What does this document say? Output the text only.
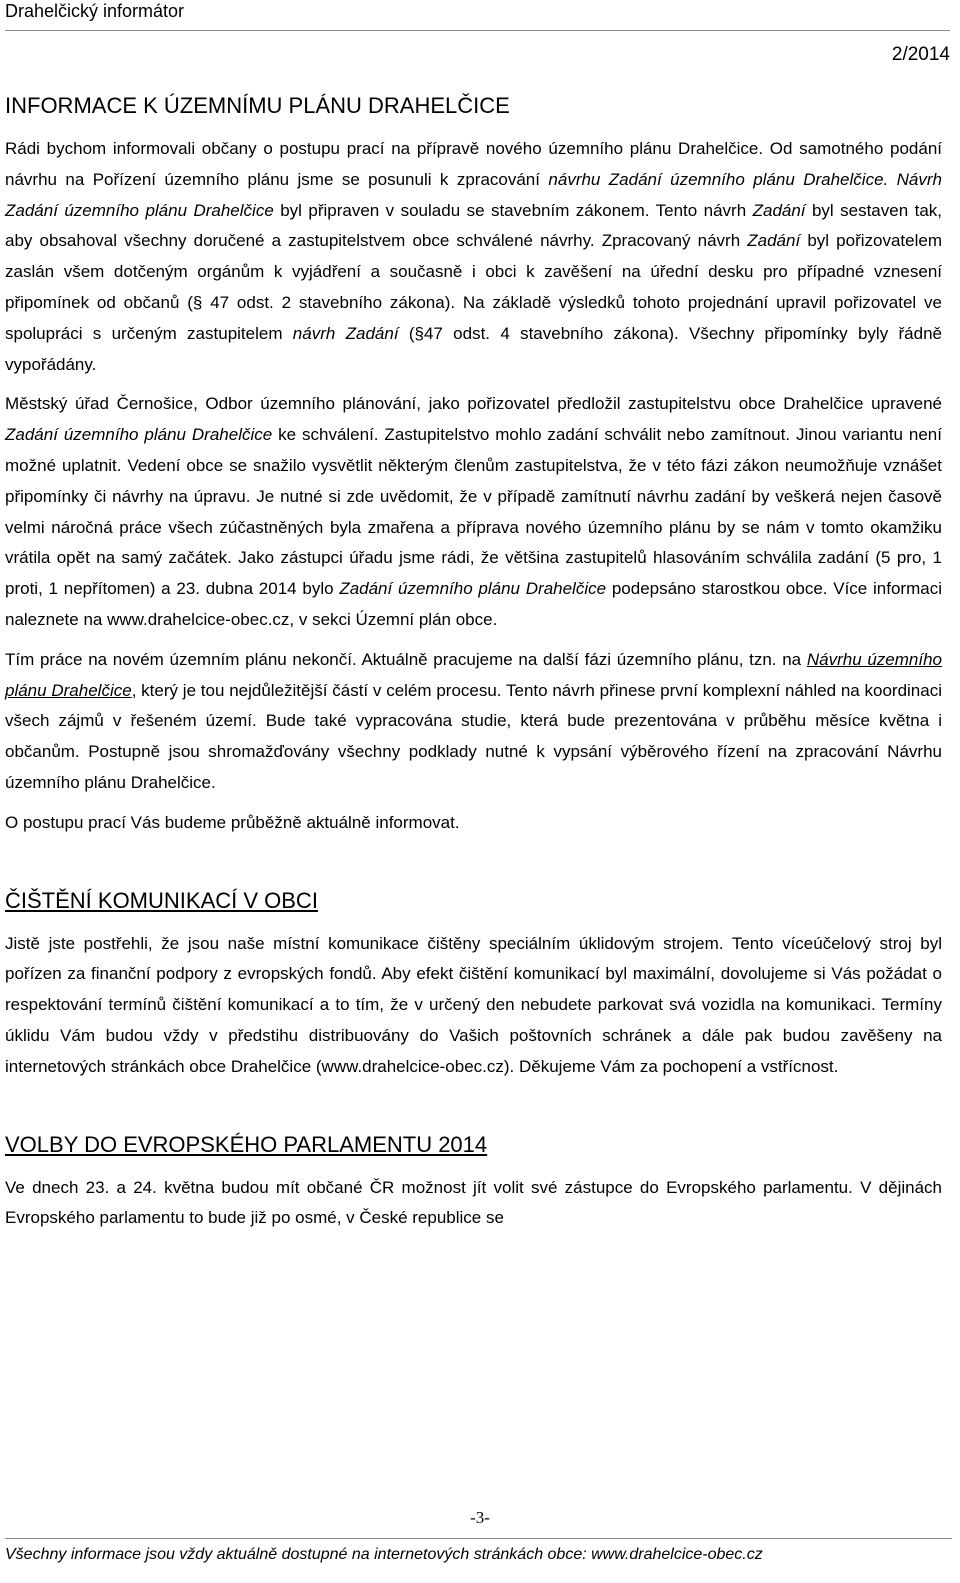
Drahelčický informátor
2/2014
INFORMACE K ÚZEMNÍMU PLÁNU DRAHELČICE

Rádi bychom informovali občany o postupu prací na přípravě nového územního plánu Drahelčice. Od samotného podání návrhu na Pořízení územního plánu jsme se posunuli k zpracování návrhu Zadání územního plánu Drahelčice. Návrh Zadání územního plánu Drahelčice byl připraven v souladu se stavebním zákonem. Tento návrh Zadání byl sestaven tak, aby obsahoval všechny doručené a zastupitelstvem obce schválené návrhy. Zpracovaný návrh Zadání byl pořizovatelem zaslán všem dotčeným orgánům k vyjádření a současně i obci k zavěšení na úřední desku pro případné vznesení připomínek od občanů (§ 47 odst. 2 stavebního zákona). Na základě výsledků tohoto projednání upravil pořizovatel ve spolupráci s určeným zastupitelem návrh Zadání (§47 odst. 4 stavebního zákona). Všechny připomínky byly řádně vypořádány.

Městský úřad Černošice, Odbor územního plánování, jako pořizovatel předložil zastupitelstvu obce Drahelčice upravené Zadání územního plánu Drahelčice ke schválení. Zastupitelstvo mohlo zadání schválit nebo zamítnout. Jinou variantu není možné uplatnit. Vedení obce se snažilo vysvětlit některým členům zastupitelstva, že v této fázi zákon neumožňuje vznášet připomínky či návrhy na úpravu. Je nutné si zde uvědomit, že v případě zamítnutí návrhu zadání by veškerá nejen časově velmi náročná práce všech zúčastněných byla zmařena a příprava nového územního plánu by se nám v tomto okamžiku vrátila opět na samý začátek. Jako zástupci úřadu jsme rádi, že většina zastupitelů hlasováním schválila zadání (5 pro, 1 proti, 1 nepřítomen) a 23. dubna 2014 bylo Zadání územního plánu Drahelčice podepsáno starostkou obce. Více informaci naleznete na www.drahelcice-obec.cz, v sekci Územní plán obce.

Tím práce na novém územním plánu nekončí. Aktuálně pracujeme na další fázi územního plánu, tzn. na Návrhu územního plánu Drahelčice, který je tou nejdůležitější částí v celém procesu. Tento návrh přinese první komplexní náhled na koordinaci všech zájmů v řešeném území. Bude také vypracována studie, která bude prezentována v průběhu měsíce května i občanům. Postupně jsou shromažďovány všechny podklady nutné k vypsání výběrového řízení na zpracování Návrhu územního plánu Drahelčice.

O postupu prací Vás budeme průběžně aktuálně informovat.

ČIŠTĚNÍ KOMUNIKACÍ V OBCI

Jistě jste postřehli, že jsou naše místní komunikace čištěny speciálním úklidovým strojem. Tento víceúčelový stroj byl pořízen za finanční podpory z evropských fondů. Aby efekt čištění komunikací byl maximální, dovolujeme si Vás požádat o respektování termínů čištění komunikací a to tím, že v určený den nebudete parkovat svá vozidla na komunikaci. Termíny úklidu Vám budou vždy v předstihu distribuovány do Vašich poštovních schránek a dále pak budou zavěšeny na internetových stránkách obce Drahelčice (www.drahelcice-obec.cz). Děkujeme Vám za pochopení a vstřícnost.

VOLBY DO EVROPSKÉHO PARLAMENTU 2014

Ve dnech 23. a 24. května budou mít občané ČR možnost jít volit své zástupce do Evropského parlamentu. V dějinách Evropského parlamentu to bude již po osmé, v České republice se

-3-
Všechny informace jsou vždy aktuálně dostupné na internetových stránkách obce: www.drahelcice-obec.cz
